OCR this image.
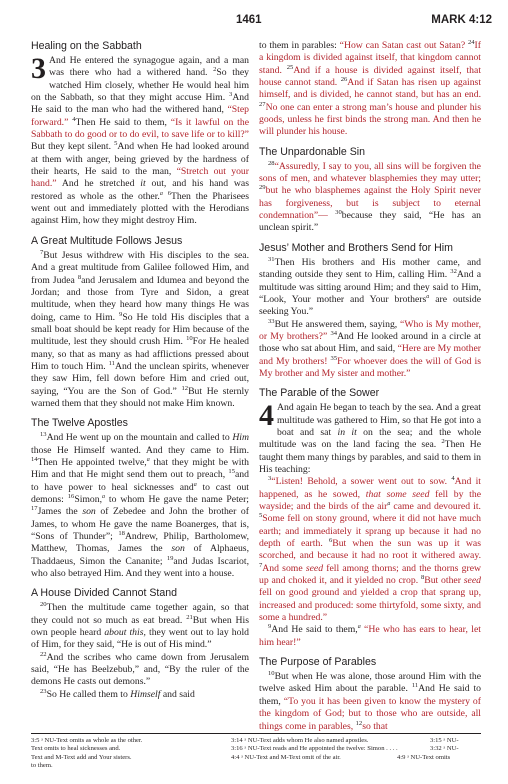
1461	MARK 4:12
Healing on the Sabbath

3 And He entered the synagogue again, and a man was there who had a withered hand. $^2$So they watched Him closely, whether He would heal him on the Sabbath, so that they might accuse Him. $^3$And He said to the man who had the withered hand, “Step forward.” $^4$Then He said to them, “Is it lawful on the Sabbath to do good or to do evil, to save life or to kill?” But they kept silent. $^5$And when He had looked around at them with anger, being grieved by the hardness of their hearts, He said to the man, “Stretch out your hand.” And he stretched it out, and his hand was restored as whole as the other.$^a$ $^6$Then the Pharisees went out and immediately plotted with the Herodians against Him, how they might destroy Him.

A Great Multitude Follows Jesus

$^7$But Jesus withdrew with His disciples to the sea. And a great multitude from Galilee followed Him, and from Judea $^8$and Jerusalem and Idumea and beyond the Jordan; and those from Tyre and Sidon, a great multitude, when they heard how many things He was doing, came to Him. $^9$So He told His disciples that a small boat should be kept ready for Him because of the multitude, lest they should crush Him. $^{10}$For He healed many, so that as many as had afflictions pressed about Him to touch Him. $^{11}$And the unclean spirits, whenever they saw Him, fell down before Him and cried out, saying, “You are the Son of God.” $^{12}$But He sternly warned them that they should not make Him known.

The Twelve Apostles

$^{13}$And He went up on the mountain and called to Him those He Himself wanted. And they came to Him. $^{14}$Then He appointed twelve,$^a$ that they might be with Him and that He might send them out to preach, $^{15}$and to have power to heal sicknesses and$^a$ to cast out demons: $^{16}$Simon,$^a$ to whom He gave the name Peter; $^{17}$James the son of Zebedee and John the brother of James, to whom He gave the name Boanerges, that is, “Sons of Thunder”; $^{18}$Andrew, Philip, Bartholomew, Matthew, Thomas, James the son of Alphaeus, Thaddaeus, Simon the Cananite; $^{19}$and Judas Iscariot, who also betrayed Him. And they went into a house.

A House Divided Cannot Stand

$^{20}$Then the multitude came together again, so that they could not so much as eat bread. $^{21}$But when His own people heard about this, they went out to lay hold of Him, for they said, “He is out of His mind.”

$^{22}$And the scribes who came down from Jerusalem said, “He has Beelzebub,” and, “By the ruler of the demons He casts out demons.”

$^{23}$So He called them to Himself and said

to them in parables: “How can Satan cast out Satan? $^{24}$If a kingdom is divided against itself, that kingdom cannot stand. $^{25}$And if a house is divided against itself, that house cannot stand. $^{26}$And if Satan has risen up against himself, and is divided, he cannot stand, but has an end. $^{27}$No one can enter a strong man’s house and plunder his goods, unless he first binds the strong man. And then he will plunder his house.

The Unpardonable Sin

$^{28}$“Assuredly, I say to you, all sins will be forgiven the sons of men, and whatever blasphemies they may utter; $^{29}$but he who blasphemes against the Holy Spirit never has forgiveness, but is subject to eternal condemnation”— $^{30}$because they said, “He has an unclean spirit.”

Jesus’ Mother and Brothers Send for Him

$^{31}$Then His brothers and His mother came, and standing outside they sent to Him, calling Him. $^{32}$And a multitude was sitting around Him; and they said to Him, “Look, Your mother and Your brothers$^a$ are outside seeking You.”

$^{33}$But He answered them, saying, “Who is My mother, or My brothers?” $^{34}$And He looked around in a circle at those who sat about Him, and said, “Here are My mother and My brothers! $^{35}$For whoever does the will of God is My brother and My sister and mother.”

The Parable of the Sower

4 And again He began to teach by the sea. And a great multitude was gathered to Him, so that He got into a boat and sat in it on the sea; and the whole multitude was on the land facing the sea. $^2$Then He taught them many things by parables, and said to them in His teaching:

$^3$“Listen! Behold, a sower went out to sow. $^4$And it happened, as he sowed, that some seed fell by the wayside; and the birds of the air$^a$ came and devoured it. $^5$Some fell on stony ground, where it did not have much earth; and immediately it sprang up because it had no depth of earth. $^6$But when the sun was up it was scorched, and because it had no root it withered away. $^7$And some seed fell among thorns; and the thorns grew up and choked it, and it yielded no crop. $^8$But other seed fell on good ground and yielded a crop that sprang up, increased and produced: some thirtyfold, some sixty, and some a hundred.”

$^9$And He said to them,$^a$ “He who has ears to hear, let him hear!”

The Purpose of Parables

$^{10}$But when He was alone, those around Him with the twelve asked Him about the parable. $^{11}$And He said to them, “To you it has been given to know the mystery of the kingdom of God; but to those who are outside, all things come in parables, $^{12}$so that

3:5 ᵃ NU-Text omits as whole as the other.	3:14 ᵃ NU-Text adds whom He also named apostles.	3:15 ᵃ NU-
Text omits to heal sicknesses and.	3:16 ᵃ NU-Text reads and He appointed the twelve: Simon . . . .	3:32 ᵃ NU-
Text and M-Text add and Your sisters.	4:4 ᵃ NU-Text and M-Text omit of the air.	4:9 ᵃ NU-Text omits
to them.
